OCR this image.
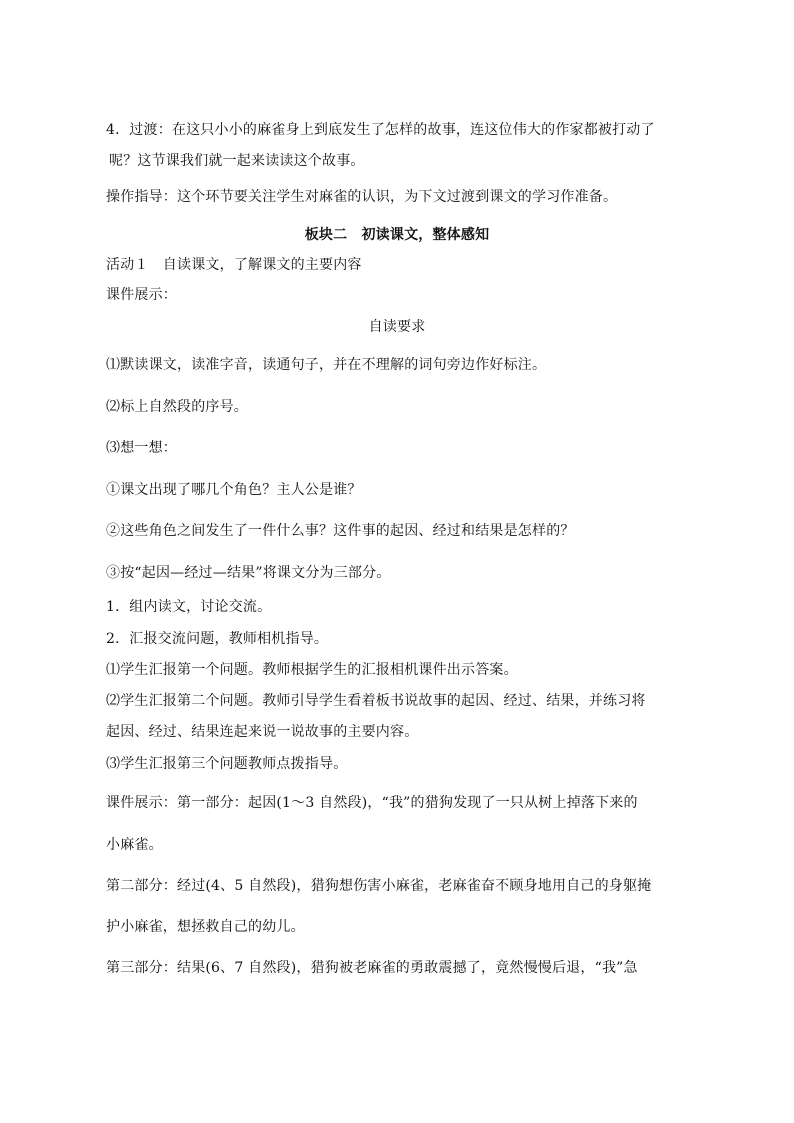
4．过渡：在这只小小的麻雀身上到底发生了怎样的故事，连这位伟大的作家都被打动了
呢？这节课我们就一起来读读这个故事。
操作指导：这个环节要关注学生对麻雀的认识，为下文过渡到课文的学习作准备。
板块二　初读课文，整体感知
活动１　自读课文，了解课文的主要内容
课件展示：
自读要求
⑴默读课文，读准字音，读通句子，并在不理解的词句旁边作好标注。
⑵标上自然段的序号。
⑶想一想：
①课文出现了哪几个角色？主人公是谁？
②这些角色之间发生了一件什么事？这件事的起因、经过和结果是怎样的？
③按“起因—经过—结果”将课文分为三部分。
1．组内读文，讨论交流。
2．汇报交流问题，教师相机指导。
⑴学生汇报第一个问题。教师根据学生的汇报相机课件出示答案。
⑵学生汇报第二个问题。教师引导学生看着板书说故事的起因、经过、结果，并练习将
起因、经过、结果连起来说一说故事的主要内容。
⑶学生汇报第三个问题教师点拨指导。
课件展示：第一部分：起因(1～3 自然段)，“我”的猎狗发现了一只从树上掉落下来的
小麻雀。
第二部分：经过(4、5 自然段)，猎狗想伤害小麻雀，老麻雀奋不顾身地用自己的身躯掩
护小麻雀，想拯救自己的幼儿。
第三部分：结果(6、7 自然段)，猎狗被老麻雀的勇敢震撼了，竟然慢慢后退，“我”急
